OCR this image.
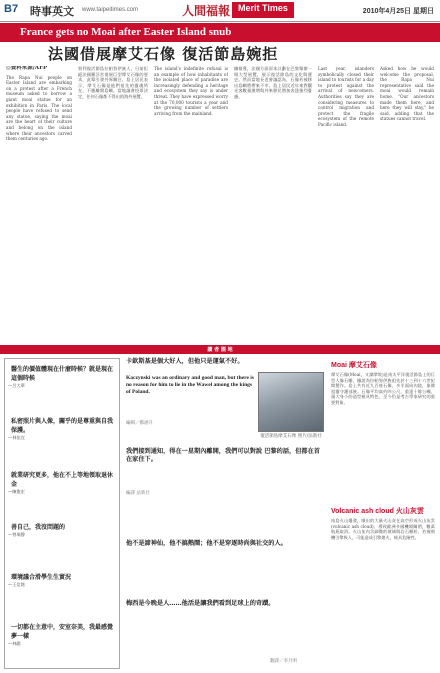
B7 時事英文 www.taipeitimes.com	人間福報 Merit Times	2010年4月25日 星期日
France gets no Moai after Easter Island snub
法國借展摩艾石像 復活節島婉拒
◎資料來源/AFP

The Rapa Nui people on Easter Island are embarking on a protest after a French museum asked to borrow a giant moai statue for an exhibition in Paris. The local people have refused to send any statue, saying the moai are the heart of their culture and belong on the island where their ancestors carved them centuries ago.

智利復活節島拉帕努伊族人，日前拒絕法國羅浮宮借展巨型摩艾石像的要求，此舉引發外界關注。島上居民表示，摩艾石像是他們祖先的靈魂所在，不應離開島嶼。當地議會投票決定，任何石像都不得出借海外展覽。

The island's indefinite refusal is an example of how inhabitants of the isolated place of paradise are increasingly defending a heritage and ecosystem they say is under threat. They have expressed worry at the 70,000 tourists a year and the growing number of settlers arriving from the mainland.

據報導，法國方面原本計劃在巴黎舉辦一場大型展覽，展示復活節島的文化與歷史。然而當地長老會議認為，石像若被移出島嶼將帶來不幸。島上居民近年來對觀光客數量激增與外來移民增加表達強烈憂慮。

Last year, islanders symbolically closed their island to tourists for a day to protest against the arrival of newcomers. Authorities say they are considering measures to control migration and protect the fragile ecosystem of the remote Pacific island.

Asked how he would welcome the proposal, the Rapa Nui representative said the moai would remain home. "Our ancestors made them here, and here they will stay," he said, adding that the statues cannot travel.

讀 者 園 地
醫生的價值體現在什麼時候？就是現在這個時候
—呂大華
私密照片與人像，關乎的是尊重與自我保護。
—林佳宜
就業研究更多，他在不上等地領取退休金
—陳俊宏
善自己，我沒問題的
—曾瑞聲
環境議合滑學生生實況
—王信銘
一切都在主意中，安室奈美，我最感覺夢一樣
—林韻
卡欽斯基是個大好人，但他只是運氣不好。
Kaczynski was an ordinary and good man, but there is no reason for him to lie in the Wawel among the kings of Poland.
復活節島摩艾石像 照片/法新社
編輯／鄭涵升
我們接到通知，得在一星期內離開，我們可以對說 巴黎的話，但都在首在家住下。
編譯 法新社
他不是諦神仙，他不搞熱鬧；他不是穿逐時尚與社交的人。
梅西是今晚是人……他活是讓我們看到足球上的奇蹟。
翻譯／李月明
Moai 摩艾石像
摩艾石像(Moai，又譯摩埃)是南太平洋復活節島上的巨型人像石雕，據說為拉帕努伊族祖先於十三到十六世紀間製作。島上共有近九百座石像，多半面向內陸，象徵祖靈守護部族。石像平均高約四公尺，重達十餘公噸，頭大身小的造型極具特色，至今仍是考古學家研究的重要對象。
Volcanic ash cloud 火山灰雲
冰島火山爆發，噴出的大量火山灰在高空形成火山灰雲(volcanic ash cloud)，導致歐洲多國機場關閉，數萬航班取消。火山灰內含細微的玻璃與岩石顆粒，若被飛機引擎吸入，可能造成引擎熄火，極具危險性。
